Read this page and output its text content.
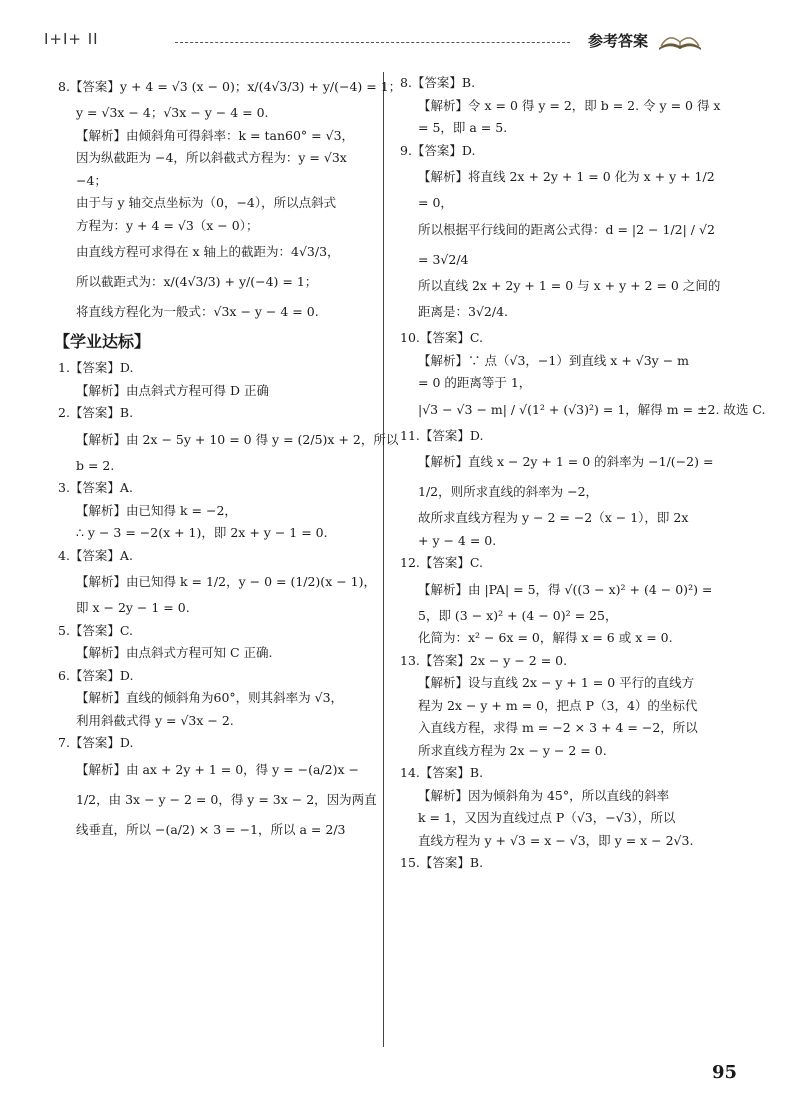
Ⅰ+Ⅰ+ ⅠⅠ	参考答案
8.【答案】y + 4 = √3 (x − 0)；x/(4√3/3) + y/(−4) = 1；
y = √3x − 4；√3x − y − 4 = 0.
【解析】由倾斜角可得斜率：k = tan60° = √3，
因为纵截距为 −4，所以斜截式方程为：y = √3x
−4；
由于与 y 轴交点坐标为（0，−4），所以点斜式
方程为：y + 4 = √3（x − 0）；
由直线方程可求得在 x 轴上的截距为：4√3/3，
所以截距式为：x/(4√3/3) + y/(−4) = 1；
将直线方程化为一般式：√3x − y − 4 = 0.
【学业达标】
1.【答案】D.
【解析】由点斜式方程可得 D 正确
2.【答案】B.
【解析】由 2x − 5y + 10 = 0 得 y = (2/5)x + 2，所以
b = 2.
3.【答案】A.
【解析】由已知得 k = −2，
∴ y − 3 = −2(x + 1)，即 2x + y − 1 = 0.
4.【答案】A.
【解析】由已知得 k = 1/2，y − 0 = (1/2)(x − 1)，
即 x − 2y − 1 = 0.
5.【答案】C.
【解析】由点斜式方程可知 C 正确.
6.【答案】D.
【解析】直线的倾斜角为60°，则其斜率为 √3，
利用斜截式得 y = √3x − 2.
7.【答案】D.
【解析】由 ax + 2y + 1 = 0，得 y = −(a/2)x −
1/2，由 3x − y − 2 = 0，得 y = 3x − 2，因为两直
线垂直，所以 −(a/2) × 3 = −1，所以 a = 2/3
8.【答案】B.
【解析】令 x = 0 得 y = 2，即 b = 2. 令 y = 0 得 x
= 5，即 a = 5.
9.【答案】D.
【解析】将直线 2x + 2y + 1 = 0 化为 x + y + 1/2
= 0，
所以根据平行线间的距离公式得：d = |2 − 1/2| / √2
= 3√2/4
所以直线 2x + 2y + 1 = 0 与 x + y + 2 = 0 之间的
距离是：3√2/4.
10.【答案】C.
【解析】∵ 点（√3，−1）到直线 x + √3y − m
= 0 的距离等于 1，
|√3 − √3 − m| / √(1² + (√3)²) = 1，解得 m = ±2. 故选 C.
11.【答案】D.
【解析】直线 x − 2y + 1 = 0 的斜率为 −1/(−2) =
1/2，则所求直线的斜率为 −2，
故所求直线方程为 y − 2 = −2（x − 1），即 2x
+ y − 4 = 0.
12.【答案】C.
【解析】由 |PA| = 5，得 √((3 − x)² + (4 − 0)²) =
5，即 (3 − x)² + (4 − 0)² = 25，
化简为：x² − 6x = 0，解得 x = 6 或 x = 0.
13.【答案】2x − y − 2 = 0.
【解析】设与直线 2x − y + 1 = 0 平行的直线方
程为 2x − y + m = 0，把点 P（3，4）的坐标代
入直线方程，求得 m = −2 × 3 + 4 = −2，所以
所求直线方程为 2x − y − 2 = 0.
14.【答案】B.
【解析】因为倾斜角为 45°，所以直线的斜率
k = 1，又因为直线过点 P（√3，−√3），所以
直线方程为 y + √3 = x − √3，即 y = x − 2√3.
15.【答案】B.
95
